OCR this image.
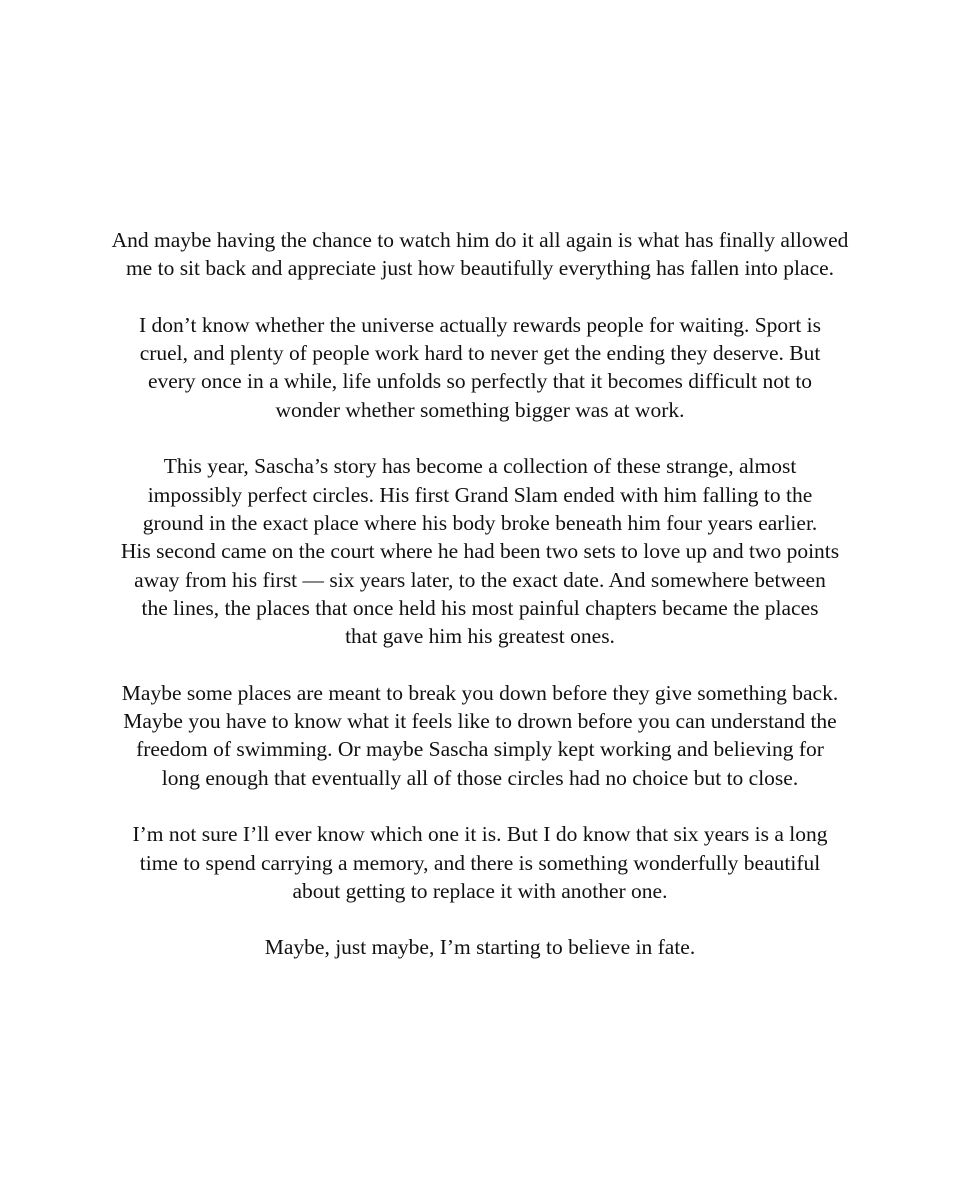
And maybe having the chance to watch him do it all again is what has finally allowed
me to sit back and appreciate just how beautifully everything has fallen into place.

I don’t know whether the universe actually rewards people for waiting. Sport is
cruel, and plenty of people work hard to never get the ending they deserve. But
every once in a while, life unfolds so perfectly that it becomes difficult not to
wonder whether something bigger was at work.

This year, Sascha’s story has become a collection of these strange, almost
impossibly perfect circles. His first Grand Slam ended with him falling to the
ground in the exact place where his body broke beneath him four years earlier.
His second came on the court where he had been two sets to love up and two points
away from his first — six years later, to the exact date. And somewhere between
the lines, the places that once held his most painful chapters became the places
that gave him his greatest ones.

Maybe some places are meant to break you down before they give something back.
Maybe you have to know what it feels like to drown before you can understand the
freedom of swimming. Or maybe Sascha simply kept working and believing for
long enough that eventually all of those circles had no choice but to close.

I’m not sure I’ll ever know which one it is. But I do know that six years is a long
time to spend carrying a memory, and there is something wonderfully beautiful
about getting to replace it with another one.

Maybe, just maybe, I’m starting to believe in fate.
